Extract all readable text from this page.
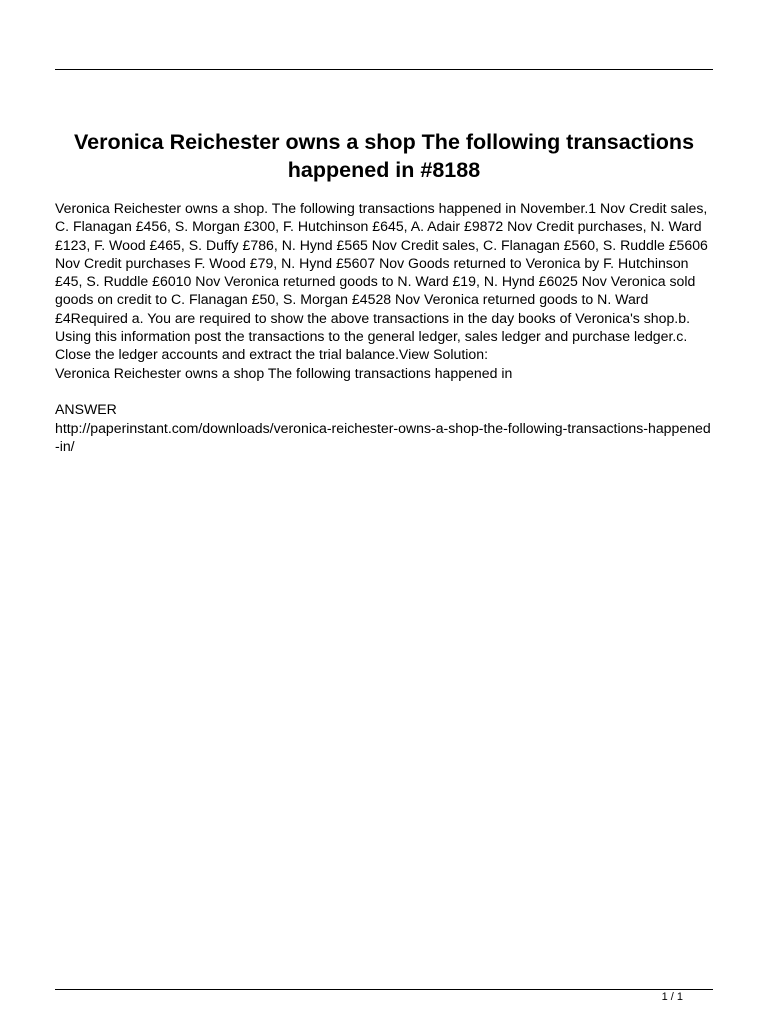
Veronica Reichester owns a shop The following transactions happened in #8188

Veronica Reichester owns a shop. The following transactions happened in November.1 Nov Credit sales, C. Flanagan £456, S. Morgan £300, F. Hutchinson £645, A. Adair £9872 Nov Credit purchases, N. Ward £123, F. Wood £465, S. Duffy £786, N. Hynd £565 Nov Credit sales, C. Flanagan £560, S. Ruddle £5606 Nov Credit purchases F. Wood £79, N. Hynd £5607 Nov Goods returned to Veronica by F. Hutchinson £45, S. Ruddle £6010 Nov Veronica returned goods to N. Ward £19, N. Hynd £6025 Nov Veronica sold goods on credit to C. Flanagan £50, S. Morgan £4528 Nov Veronica returned goods to N. Ward £4Required a. You are required to show the above transactions in the day books of Veronica's shop.b. Using this information post the transactions to the general ledger, sales ledger and purchase ledger.c. Close the ledger accounts and extract the trial balance.View Solution:

Veronica Reichester owns a shop The following transactions happened in

ANSWER

http://paperinstant.com/downloads/veronica-reichester-owns-a-shop-the-following-transactions-happened-in/

1 / 1
